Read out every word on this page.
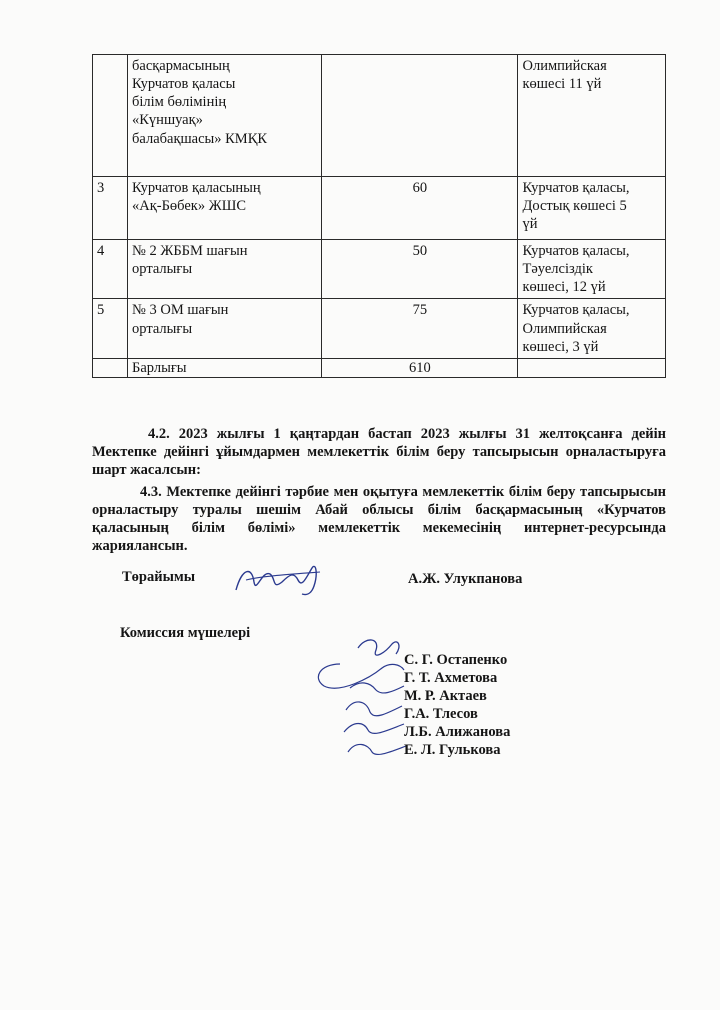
	басқармасының
Курчатов қаласы
білім бөлімінің
«Күншуақ»
балабақшасы» КМҚК		Олимпийская
көшесі 11 үй
3	Курчатов қаласының
«Ақ-Бөбек» ЖШС	60	Курчатов қаласы,
Достық көшесі 5
үй
4	№ 2 ЖББМ шағын
орталығы	50	Курчатов қаласы,
Тәуелсіздік
көшесі, 12 үй
5	№ 3 ОМ шағын
орталығы	75	Курчатов қаласы,
Олимпийская
көшесі, 3 үй
	Барлығы	610	

4.2. 2023 жылғы 1 қаңтардан бастап 2023 жылғы 31 желтоқсанға дейін Мектепке дейінгі ұйымдармен мемлекеттік білім беру тапсырысын орналастыруға шарт жасалсын:

4.3. Мектепке дейінгі тәрбие мен оқытуға мемлекеттік білім беру тапсырысын орналастыру туралы шешім Абай облысы білім басқармасының «Курчатов қаласының білім бөлімі» мемлекеттік мекемесінің интернет-ресурсында жариялансын.

Төрайымы	А.Ж. Улукпанова
Комиссия мүшелері
С. Г. Остапенко
Г. Т. Ахметова
М. Р. Актаев
Г.А. Тлесов
Л.Б. Алижанова
Е. Л. Гулькова
